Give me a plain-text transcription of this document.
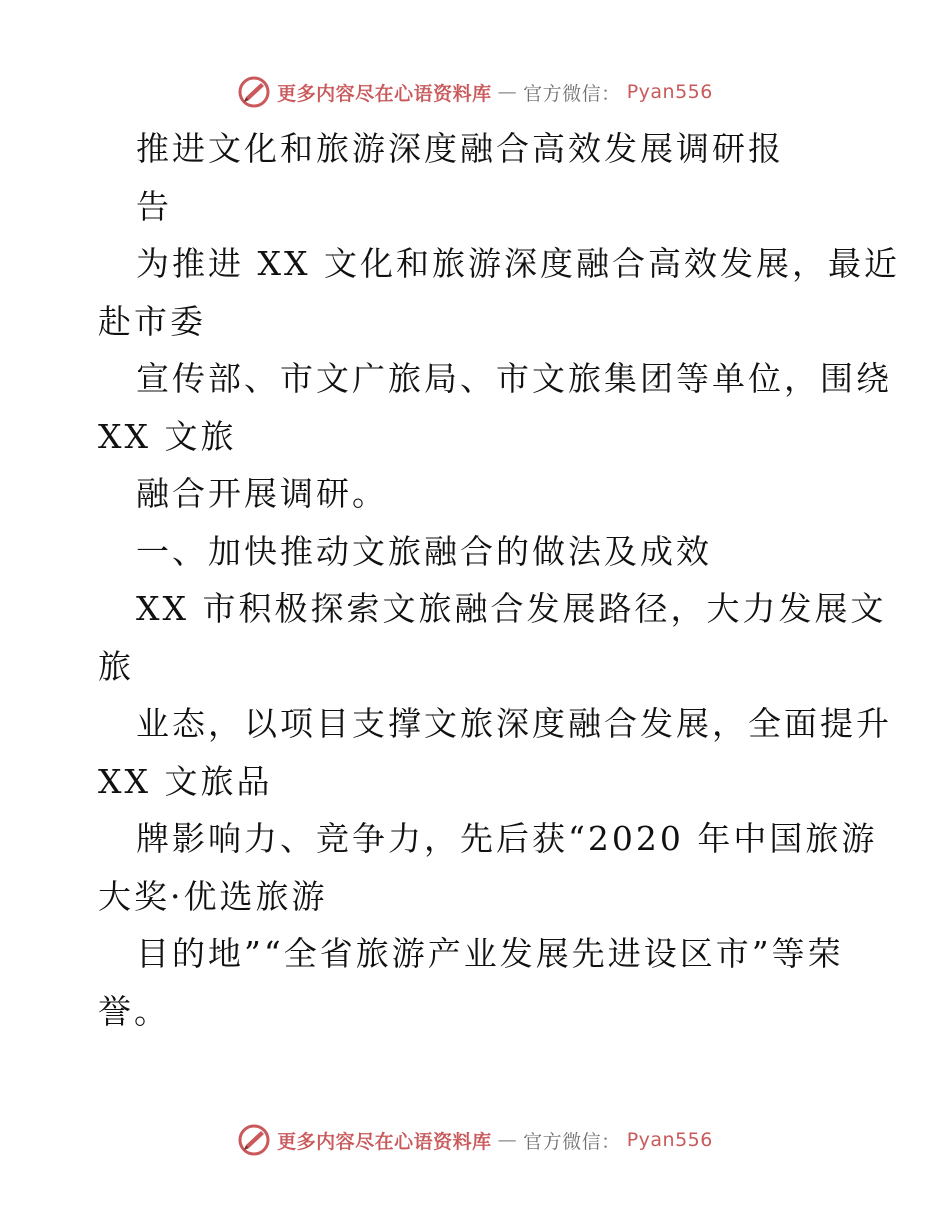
更多内容尽在心语资料库 — 官方微信： Pyan556
推进文化和旅游深度融合高效发展调研报
告
为推进 XX 文化和旅游深度融合高效发展，最近
赴市委
宣传部、市文广旅局、市文旅集团等单位，围绕
XX 文旅
融合开展调研。
一、加快推动文旅融合的做法及成效
XX 市积极探索文旅融合发展路径，大力发展文
旅
业态，以项目支撑文旅深度融合发展，全面提升
XX 文旅品
牌影响力、竞争力，先后获“2020 年中国旅游
大奖·优选旅游
目的地”“全省旅游产业发展先进设区市”等荣
誉。
更多内容尽在心语资料库 — 官方微信： Pyan556
